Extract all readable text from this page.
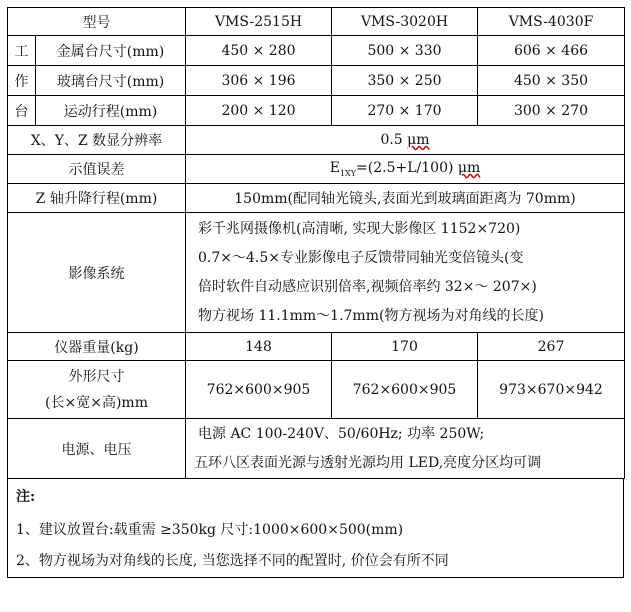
型号		VMS-2515H	VMS-3020H	VMS-4030F
工	金属台尺寸(mm)	450 × 280	500 × 330	606 × 466
作	玻璃台尺寸(mm)	306 × 196	350 × 250	450 × 350
台	运动行程(mm)	200 × 120	270 × 170	300 × 270
X、Y、Z 数显分辨率		0.5 μm		
示值误差		$E_{1XY}=(2.5+L/100)$ μm		
Z 轴升降行程(mm)		150mm(配同轴光镜头,表面光到玻璃面距离为 70mm)		
影像系统		彩千兆网摄像机(高清晰, 实现大影像区 1152×720)
0.7×～4.5×专业影像电子反馈带同轴光变倍镜头(变
倍时软件自动感应识别倍率,视频倍率约 32×～ 207×)
物方视场 11.1mm～1.7mm(物方视场为对角线的长度)		

仪器重量(kg)		148	170	267

外形尺寸
(长×宽×高)mm		762×600×905	762×600×905	973×670×942
电源、电压		电源 AC 100-240V、50/60Hz; 功率 250W;
五环八区表面光源与透射光源均用 LED,亮度分区均可调		
注:
1、建议放置台:载重需 ≥350kg 尺寸:1000×600×500(mm)
2、物方视场为对角线的长度, 当您选择不同的配置时, 价位会有所不同
